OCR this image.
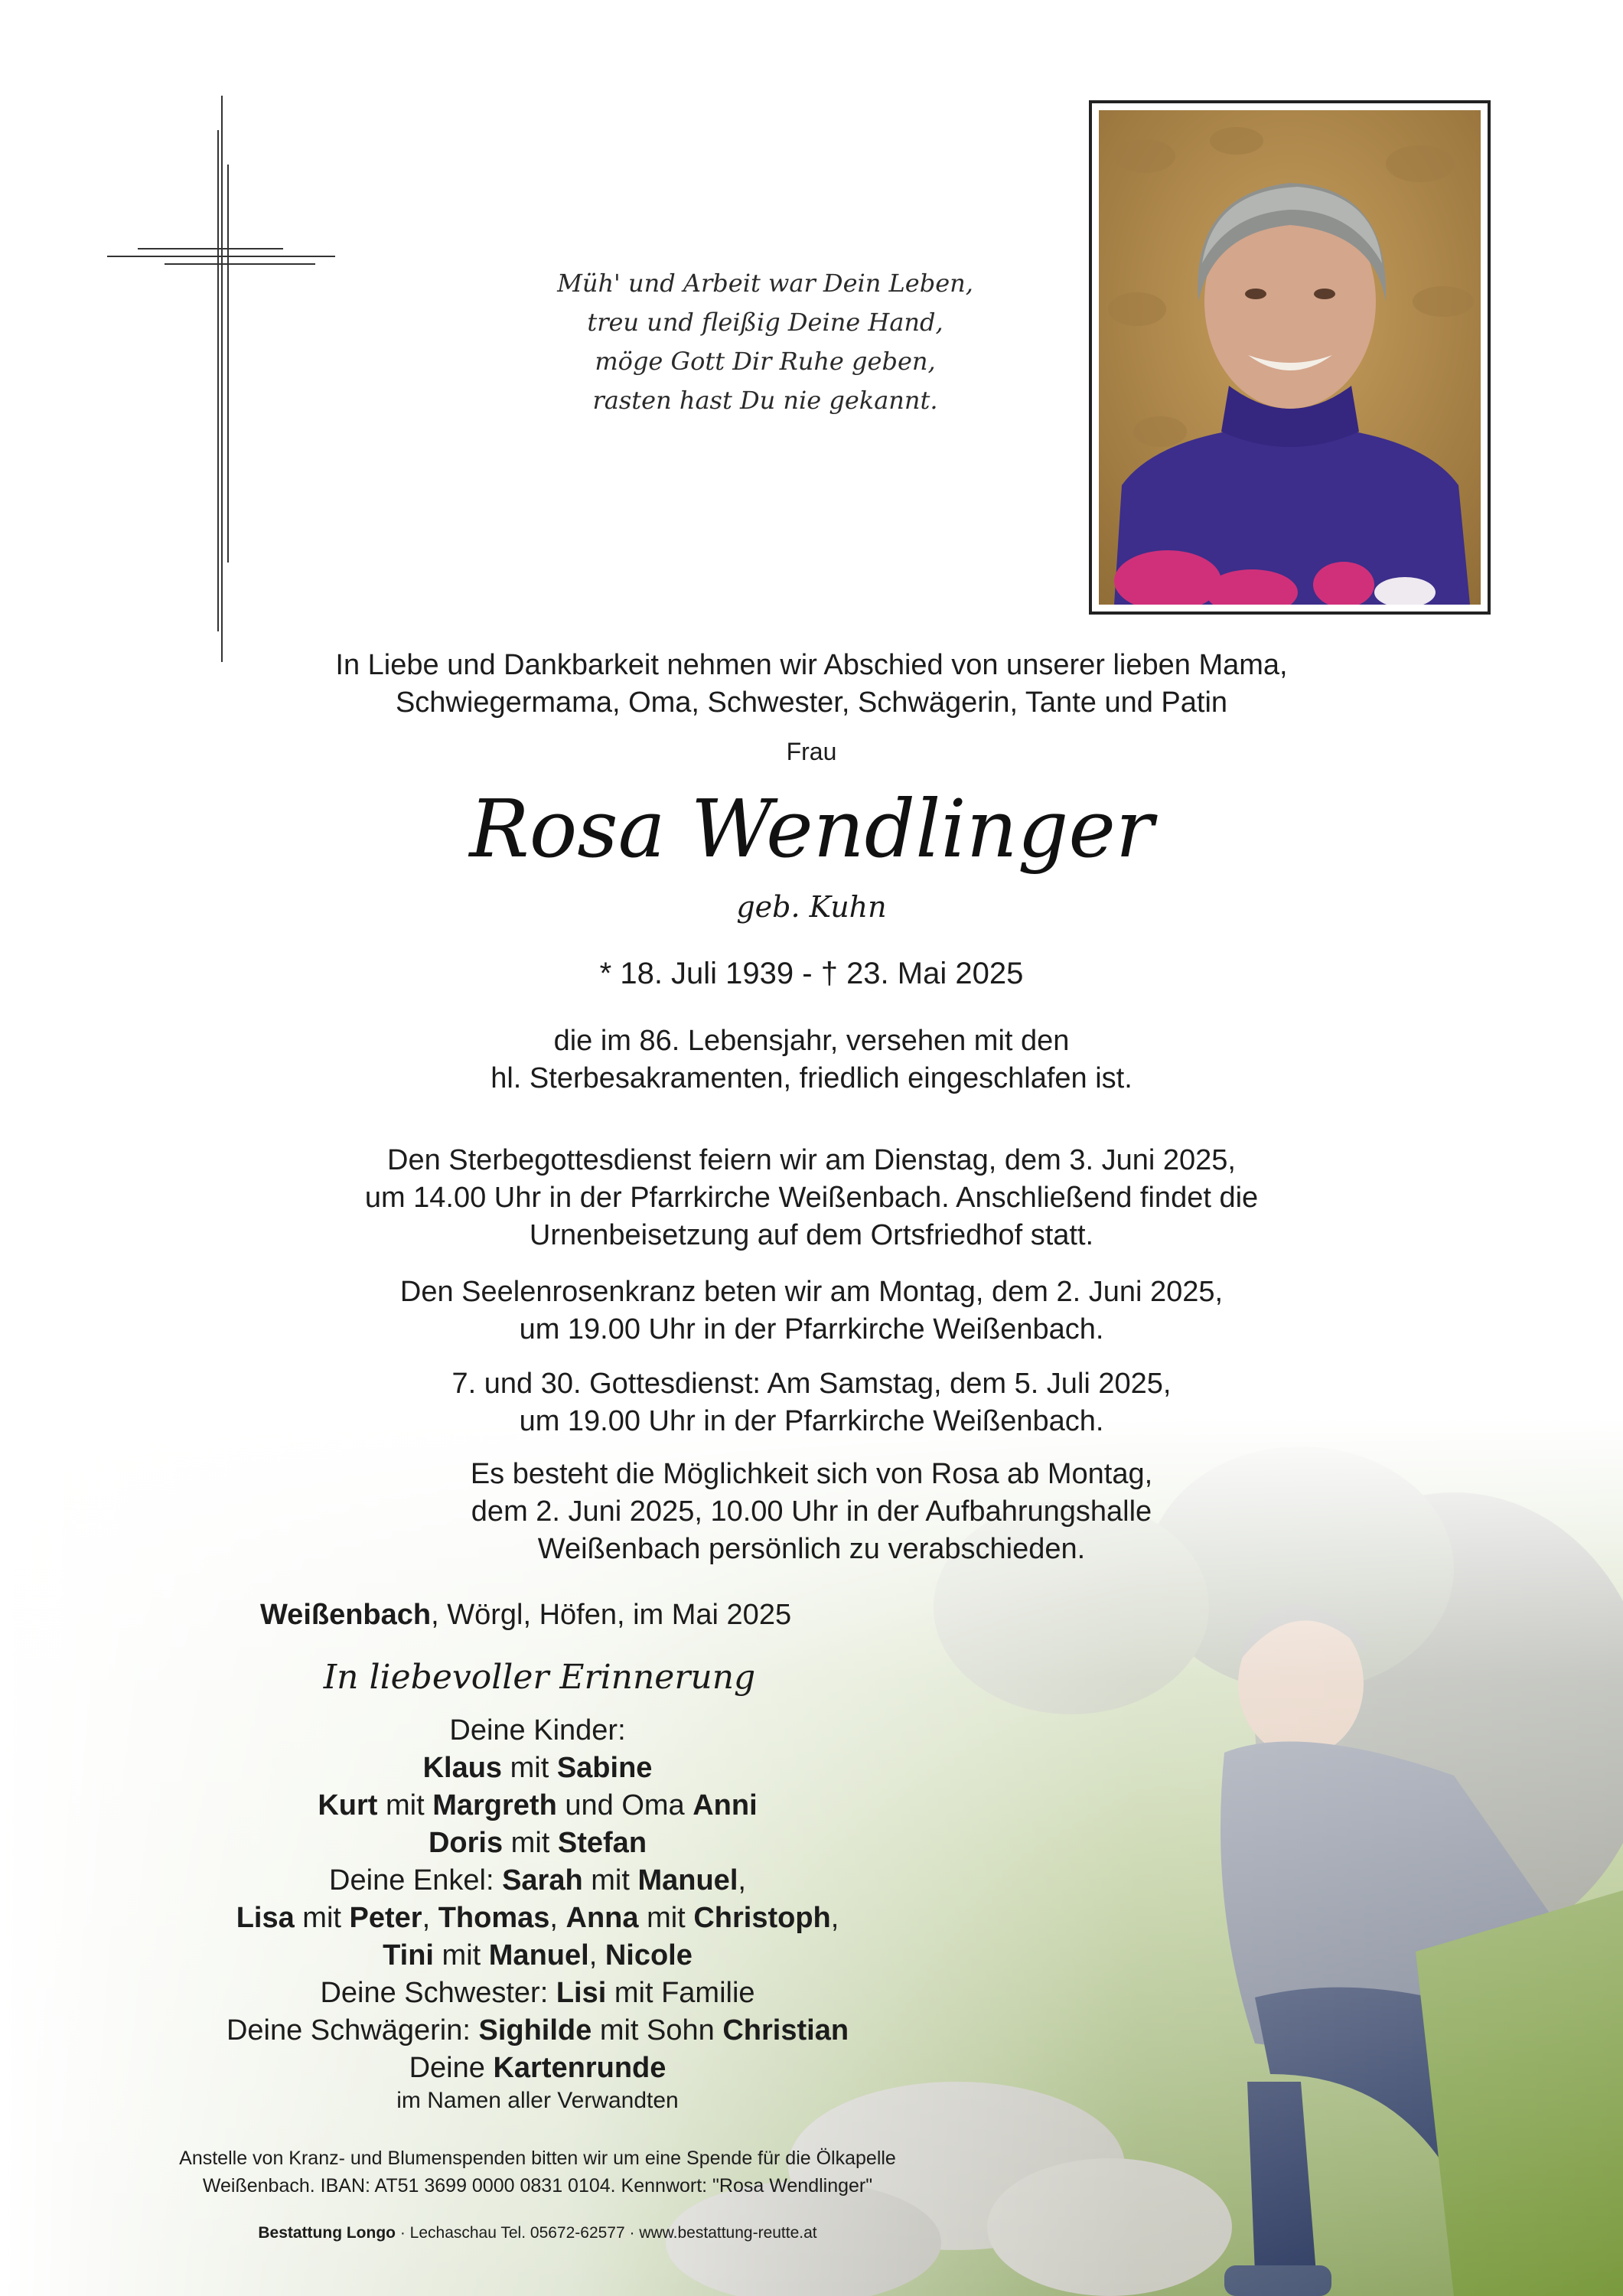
Müh' und Arbeit war Dein Leben,
treu und fleißig Deine Hand,
möge Gott Dir Ruhe geben,
rasten hast Du nie gekannt.
In Liebe und Dankbarkeit nehmen wir Abschied von unserer lieben Mama,
Schwiegermama, Oma, Schwester, Schwägerin, Tante und Patin
Frau
Rosa Wendlinger
geb. Kuhn
* 18. Juli 1939 - † 23. Mai 2025
die im 86. Lebensjahr, versehen mit den
hl. Sterbesakramenten, friedlich eingeschlafen ist.
Den Sterbegottesdienst feiern wir am Dienstag, dem 3. Juni 2025,
um 14.00 Uhr in der Pfarrkirche Weißenbach. Anschließend findet die
Urnenbeisetzung auf dem Ortsfriedhof statt.
Den Seelenrosenkranz beten wir am Montag, dem 2. Juni 2025,
um 19.00 Uhr in der Pfarrkirche Weißenbach.
7. und 30. Gottesdienst: Am Samstag, dem 5. Juli 2025,
um 19.00 Uhr in der Pfarrkirche Weißenbach.
Es besteht die Möglichkeit sich von Rosa ab Montag,
dem 2. Juni 2025, 10.00 Uhr in der Aufbahrungshalle
Weißenbach persönlich zu verabschieden.
Weißenbach, Wörgl, Höfen, im Mai 2025
In liebevoller Erinnerung
Deine Kinder:
Klaus mit Sabine
Kurt mit Margreth und Oma Anni
Doris mit Stefan
Deine Enkel: Sarah mit Manuel,
Lisa mit Peter, Thomas, Anna mit Christoph,
Tini mit Manuel, Nicole
Deine Schwester: Lisi mit Familie
Deine Schwägerin: Sighilde mit Sohn Christian
Deine Kartenrunde
im Namen aller Verwandten
Anstelle von Kranz- und Blumenspenden bitten wir um eine Spende für die Ölkapelle
Weißenbach. IBAN: AT51 3699 0000 0831 0104. Kennwort: "Rosa Wendlinger"
Bestattung Longo · Lechaschau Tel. 05672-62577 · www.bestattung-reutte.at
